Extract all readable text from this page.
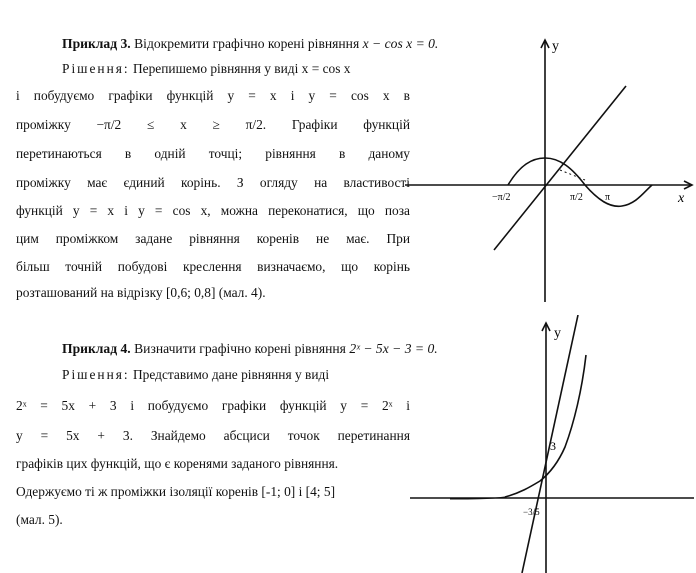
Приклад 3. Відокремити графічно корені рівняння x − cos x = 0.
Рішення: Перепишемо рівняння у виді x = cos x
і побудуємо графіки функцій y = x і y = cos x в
проміжку −π/2 ≤ x ≥ π/2. Графіки функцій
перетинаються в одній точці; рівняння в даному
проміжку має єдиний корінь. З огляду на властивості
функцій y = x і y = cos x, можна переконатися, що поза
цим проміжком задане рівняння коренів не має. При
більш точній побудові креслення визначаємо, що корінь
розташований на відрізку [0,6; 0,8] (мал. 4).
y
x
−π/2	π/2 π
Приклад 4. Визначити графічно корені рівняння 2ˣ − 5x − 3 = 0.
Рішення: Представимо дане рівняння у виді
2ˣ = 5x + 3 і побудуємо графіки функцій y = 2ˣ і
y = 5x + 3. Знайдемо абсциси точок перетинання
графіків цих функцій, що є коренями заданого рівняння.
Одержуємо ті ж проміжки ізоляції коренів [-1; 0] і [4; 5]
(мал. 5).
y
3
−3/5
